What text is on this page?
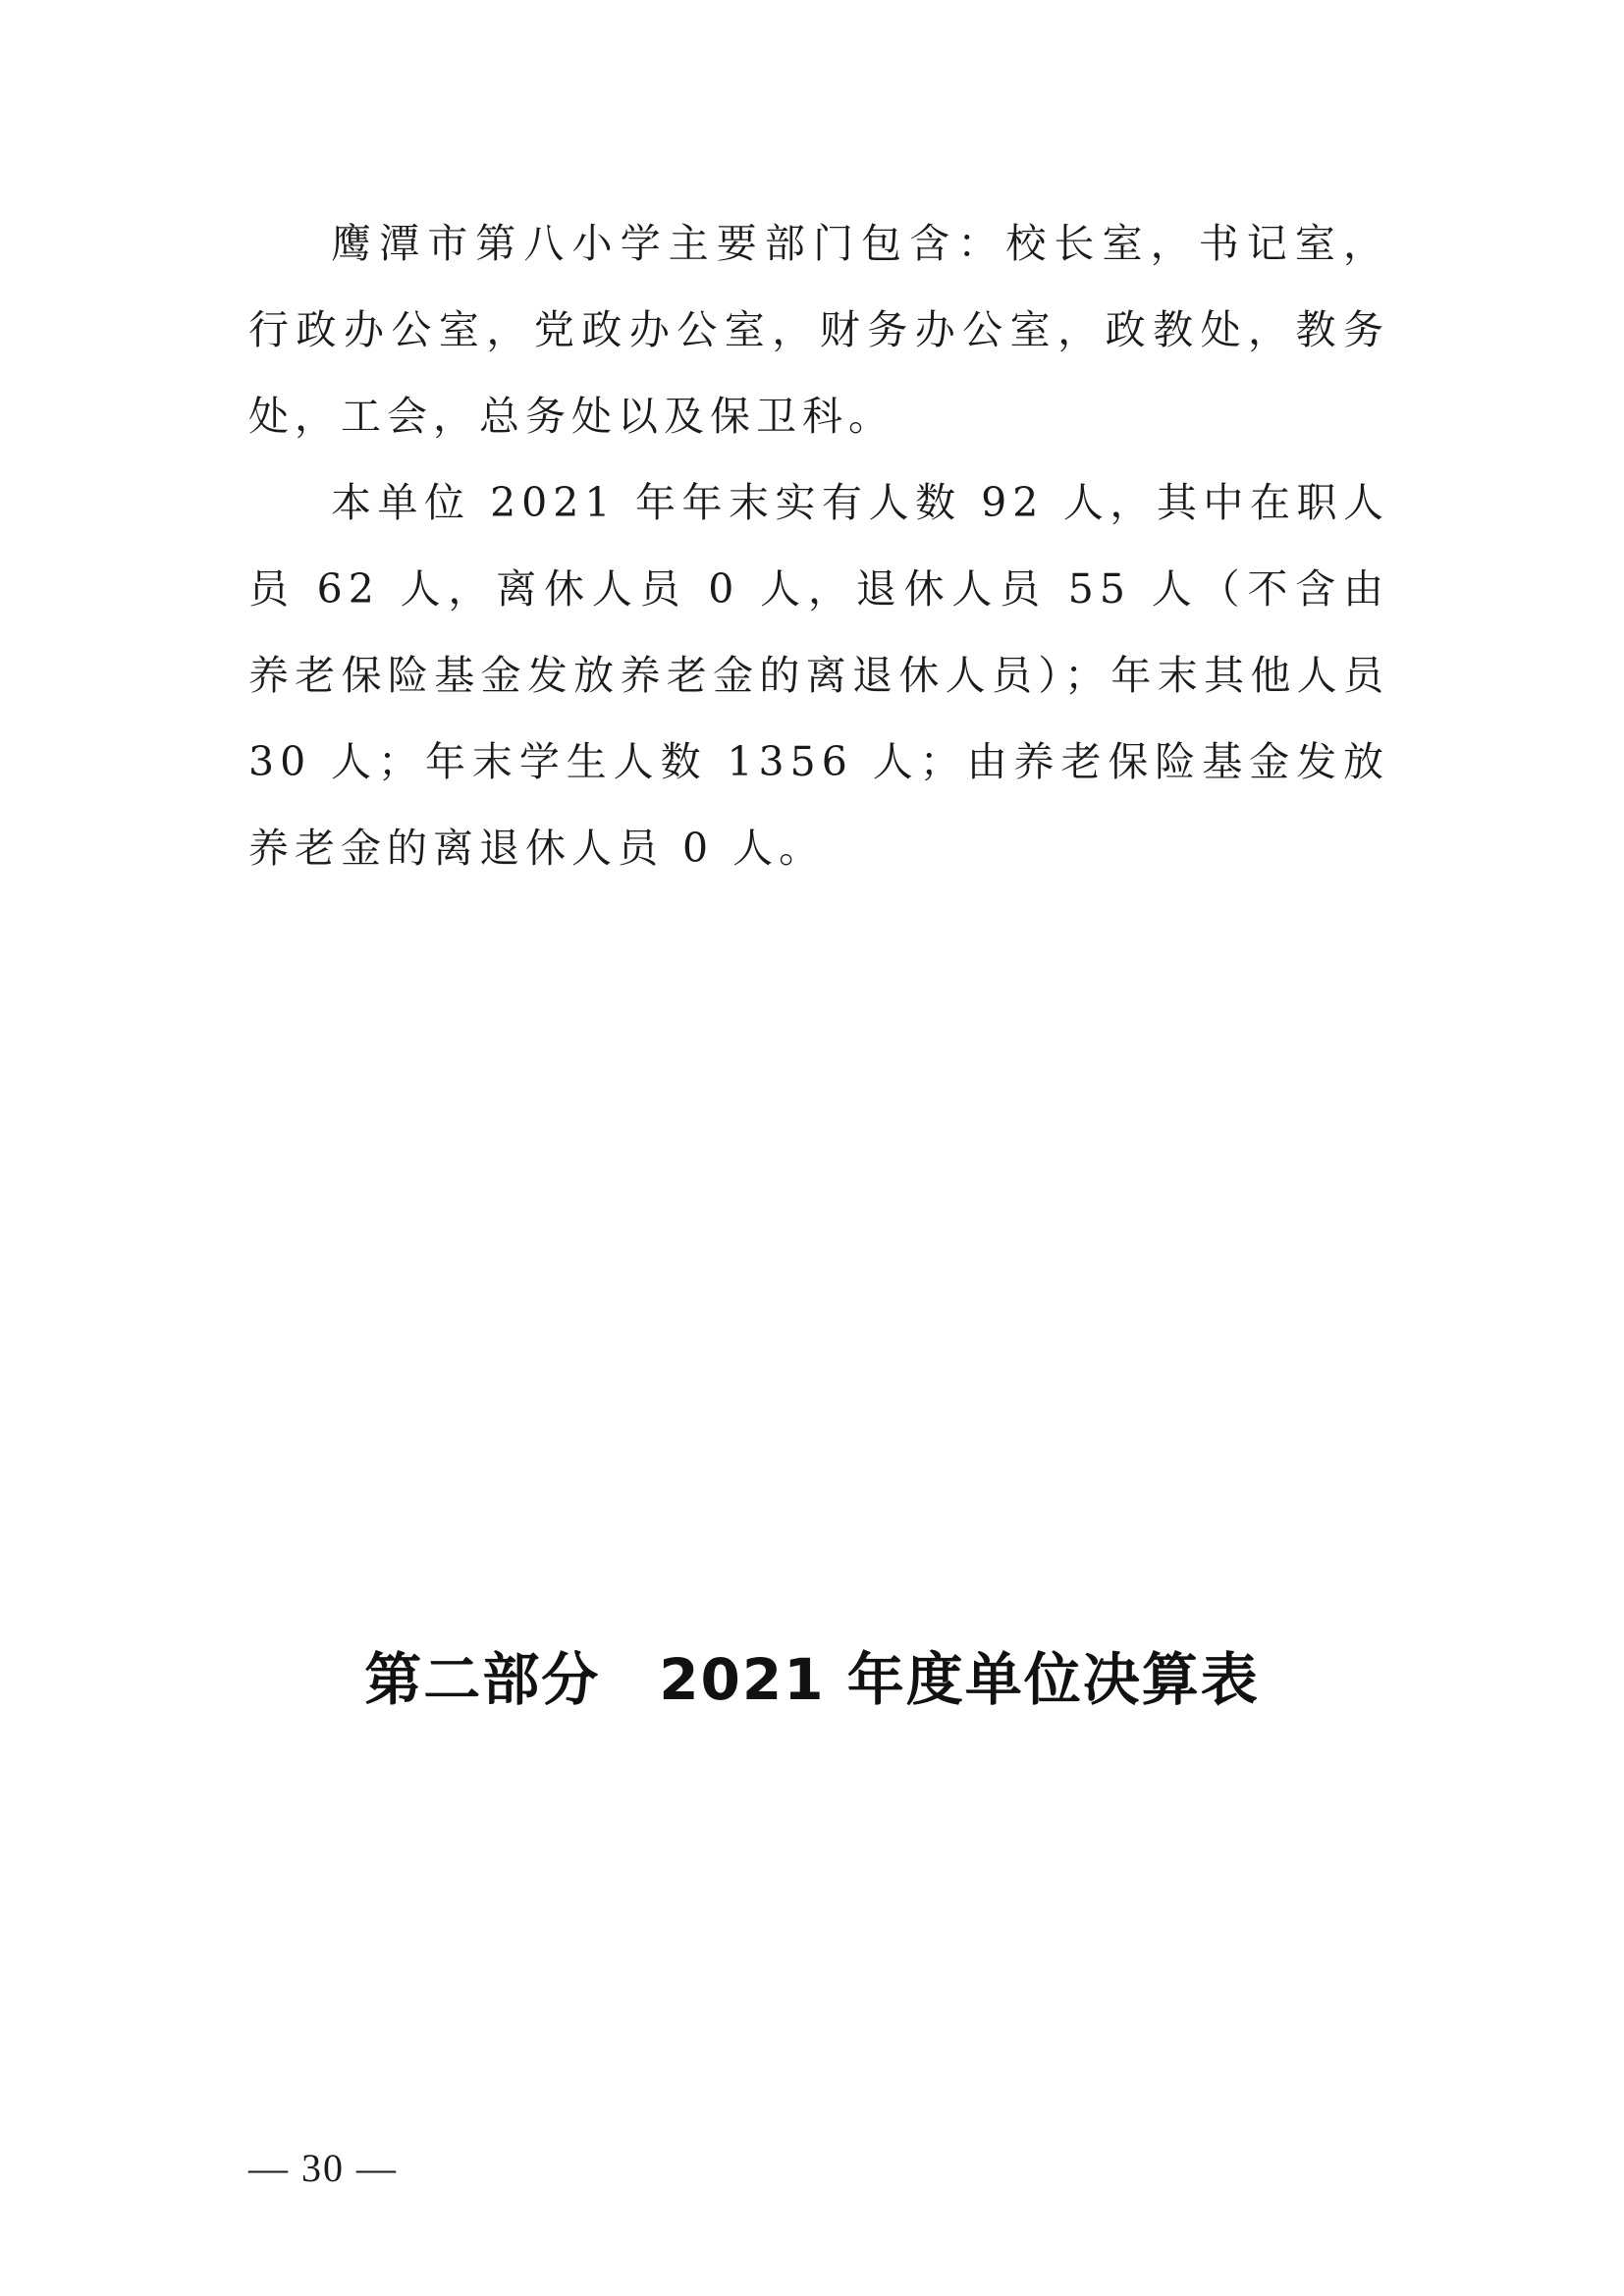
鹰潭市第八小学主要部门包含：校长室，书记室，行政办公室，党政办公室，财务办公室，政教处，教务处，工会，总务处以及保卫科。

本单位 2021 年年末实有人数 92 人，其中在职人员 62 人，离休人员 0 人，退休人员 55 人（不含由养老保险基金发放养老金的离退休人员）；年末其他人员 30 人；年末学生人数 1356 人；由养老保险基金发放养老金的离退休人员 0 人。

第二部分　2021 年度单位决算表
— 30 —
